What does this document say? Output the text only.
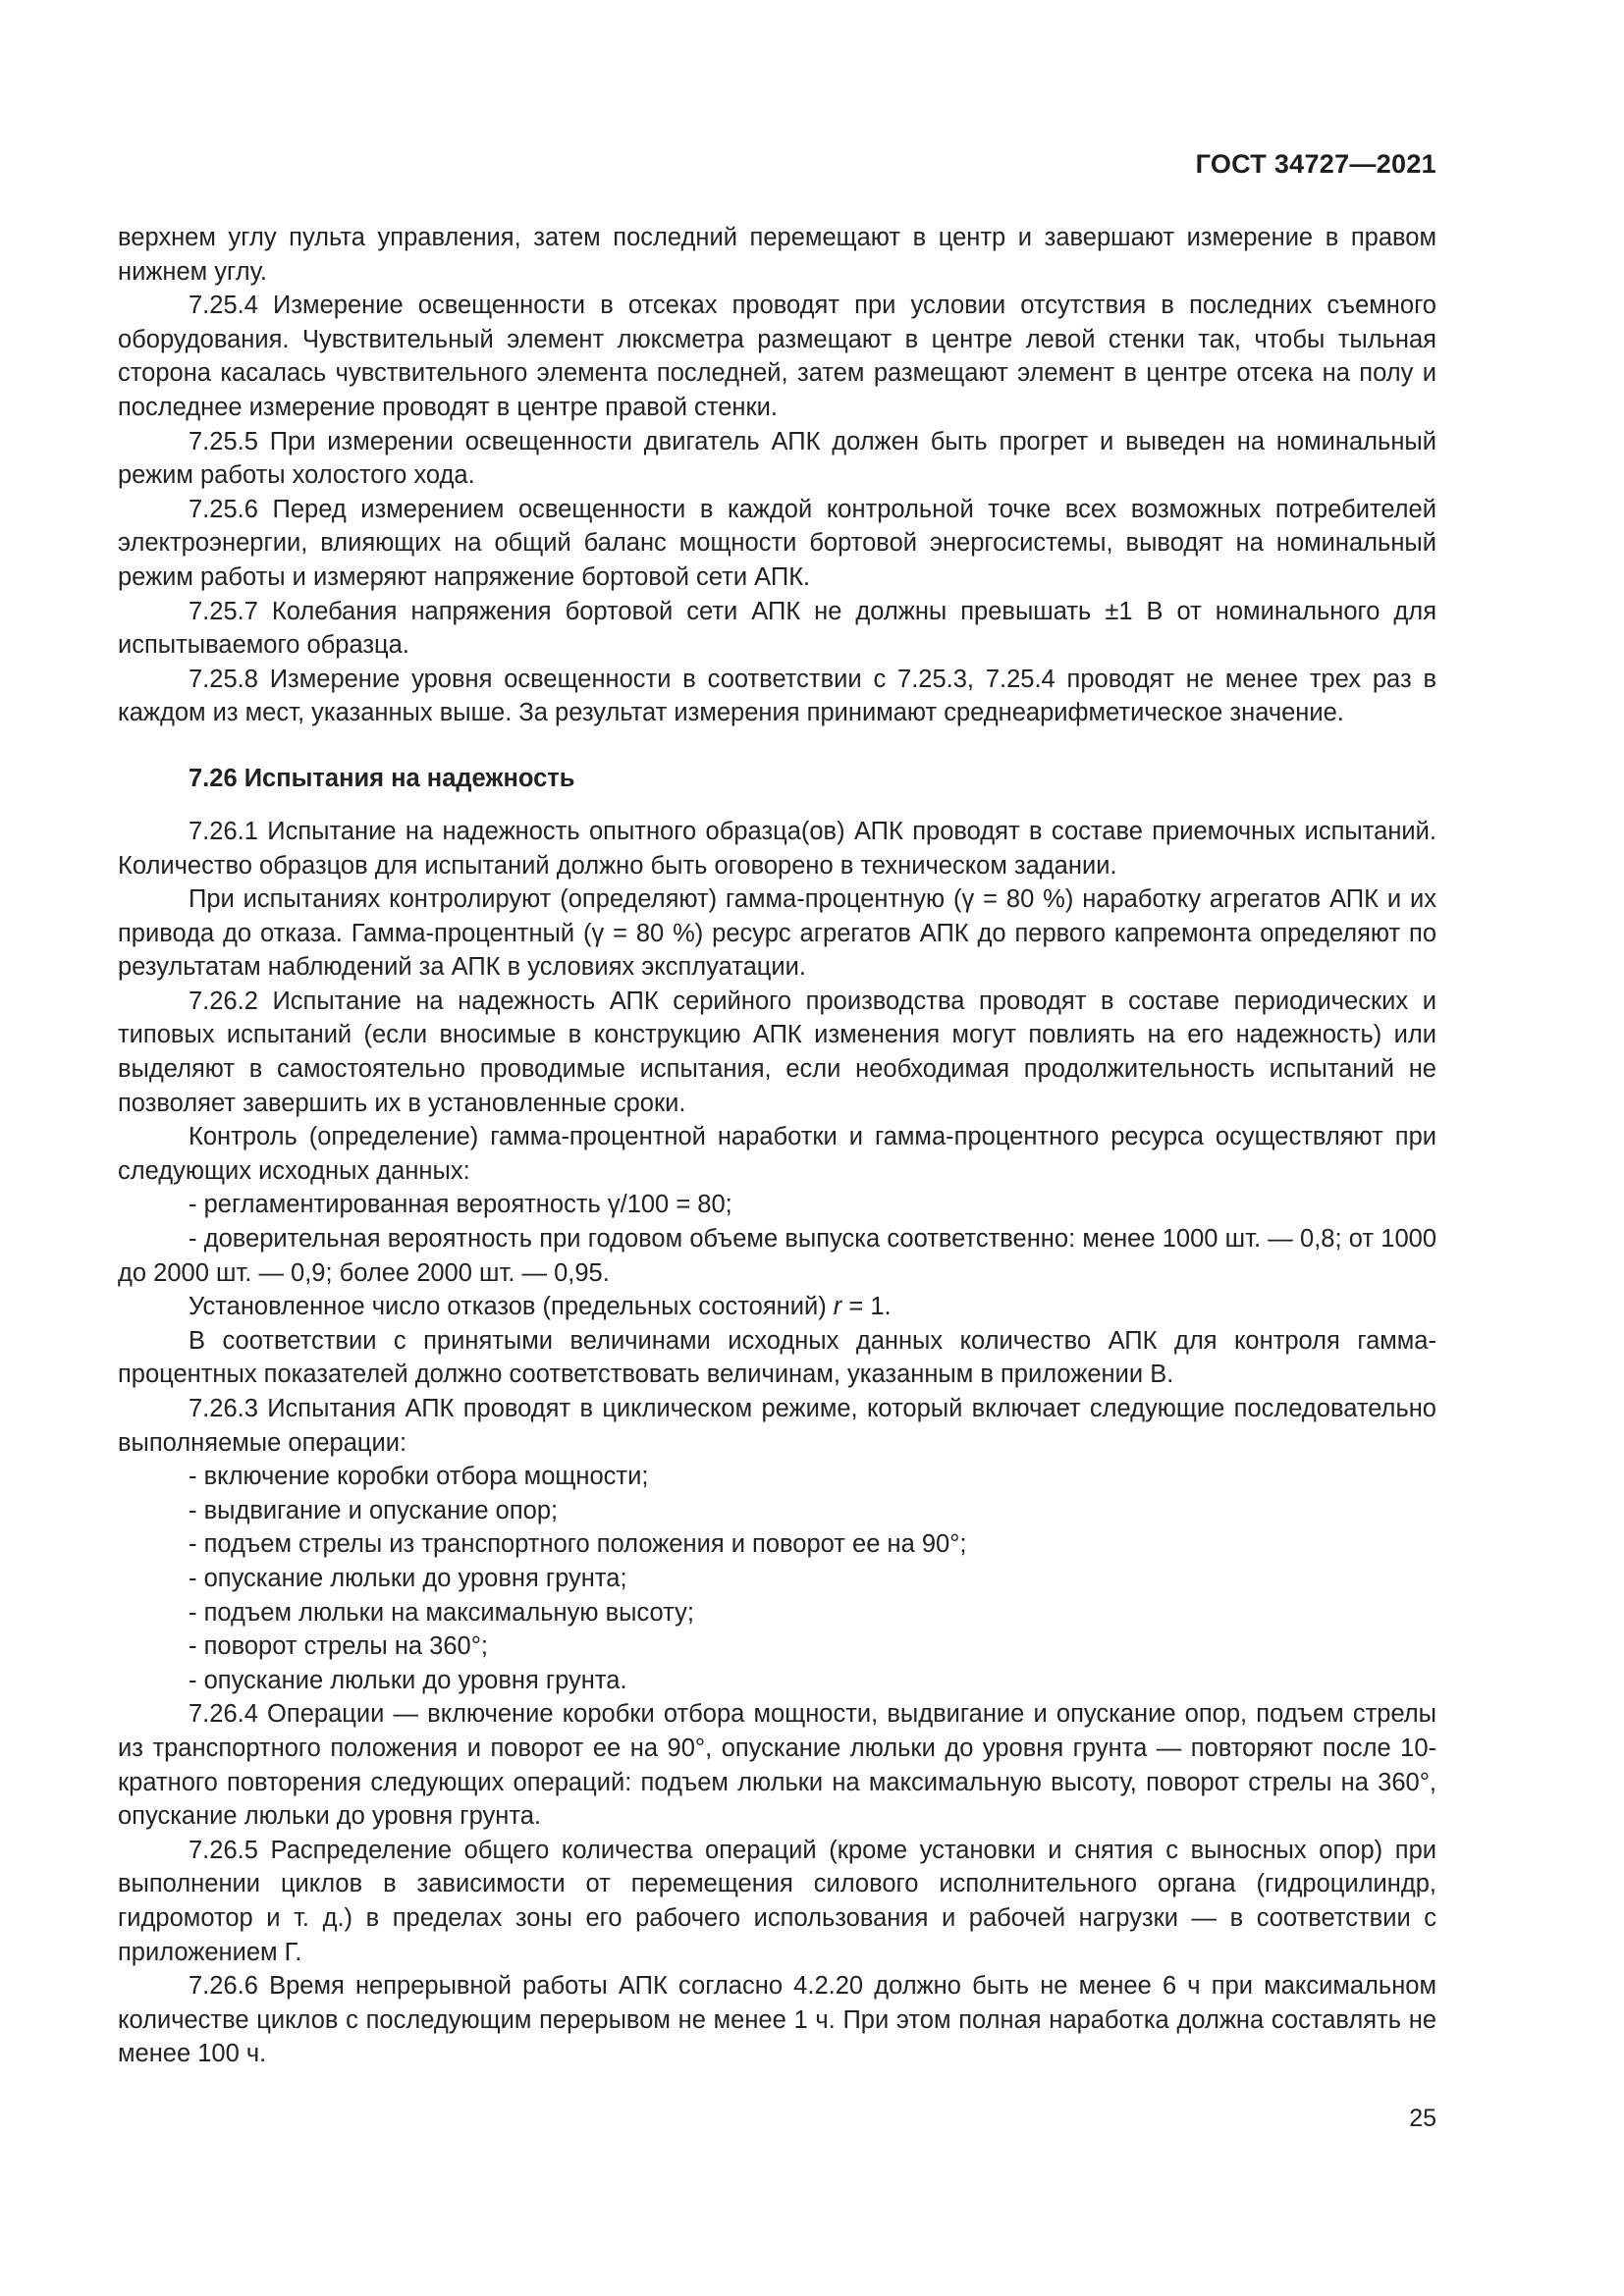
ГОСТ 34727—2021

верхнем углу пульта управления, затем последний перемещают в центр и завершают измерение в правом нижнем углу.

7.25.4 Измерение освещенности в отсеках проводят при условии отсутствия в последних съемного оборудования. Чувствительный элемент люксметра размещают в центре левой стенки так, чтобы тыльная сторона касалась чувствительного элемента последней, затем размещают элемент в центре отсека на полу и последнее измерение проводят в центре правой стенки.

7.25.5 При измерении освещенности двигатель АПК должен быть прогрет и выведен на номинальный режим работы холостого хода.

7.25.6 Перед измерением освещенности в каждой контрольной точке всех возможных потребителей электроэнергии, влияющих на общий баланс мощности бортовой энергосистемы, выводят на номинальный режим работы и измеряют напряжение бортовой сети АПК.

7.25.7 Колебания напряжения бортовой сети АПК не должны превышать ±1 В от номинального для испытываемого образца.

7.25.8 Измерение уровня освещенности в соответствии с 7.25.3, 7.25.4 проводят не менее трех раз в каждом из мест, указанных выше. За результат измерения принимают среднеарифметическое значение.

7.26 Испытания на надежность

7.26.1 Испытание на надежность опытного образца(ов) АПК проводят в составе приемочных испытаний. Количество образцов для испытаний должно быть оговорено в техническом задании.

При испытаниях контролируют (определяют) гамма-процентную (γ = 80 %) наработку агрегатов АПК и их привода до отказа. Гамма-процентный (γ = 80 %) ресурс агрегатов АПК до первого капремонта определяют по результатам наблюдений за АПК в условиях эксплуатации.

7.26.2 Испытание на надежность АПК серийного производства проводят в составе периодических и типовых испытаний (если вносимые в конструкцию АПК изменения могут повлиять на его надежность) или выделяют в самостоятельно проводимые испытания, если необходимая продолжительность испытаний не позволяет завершить их в установленные сроки.

Контроль (определение) гамма-процентной наработки и гамма-процентного ресурса осуществляют при следующих исходных данных:

- регламентированная вероятность γ/100 = 80;

- доверительная вероятность при годовом объеме выпуска соответственно: менее 1000 шт. — 0,8; от 1000 до 2000 шт. — 0,9; более 2000 шт. — 0,95.

Установленное число отказов (предельных состояний) r = 1.

В соответствии с принятыми величинами исходных данных количество АПК для контроля гамма-процентных показателей должно соответствовать величинам, указанным в приложении В.

7.26.3 Испытания АПК проводят в циклическом режиме, который включает следующие последовательно выполняемые операции:

- включение коробки отбора мощности;

- выдвигание и опускание опор;

- подъем стрелы из транспортного положения и поворот ее на 90°;

- опускание люльки до уровня грунта;

- подъем люльки на максимальную высоту;

- поворот стрелы на 360°;

- опускание люльки до уровня грунта.

7.26.4 Операции — включение коробки отбора мощности, выдвигание и опускание опор, подъем стрелы из транспортного положения и поворот ее на 90°, опускание люльки до уровня грунта — повторяют после 10-кратного повторения следующих операций: подъем люльки на максимальную высоту, поворот стрелы на 360°, опускание люльки до уровня грунта.

7.26.5 Распределение общего количества операций (кроме установки и снятия с выносных опор) при выполнении циклов в зависимости от перемещения силового исполнительного органа (гидроцилиндр, гидромотор и т. д.) в пределах зоны его рабочего использования и рабочей нагрузки — в соответствии с приложением Г.

7.26.6 Время непрерывной работы АПК согласно 4.2.20 должно быть не менее 6 ч при максимальном количестве циклов с последующим перерывом не менее 1 ч. При этом полная наработка должна составлять не менее 100 ч.

25
